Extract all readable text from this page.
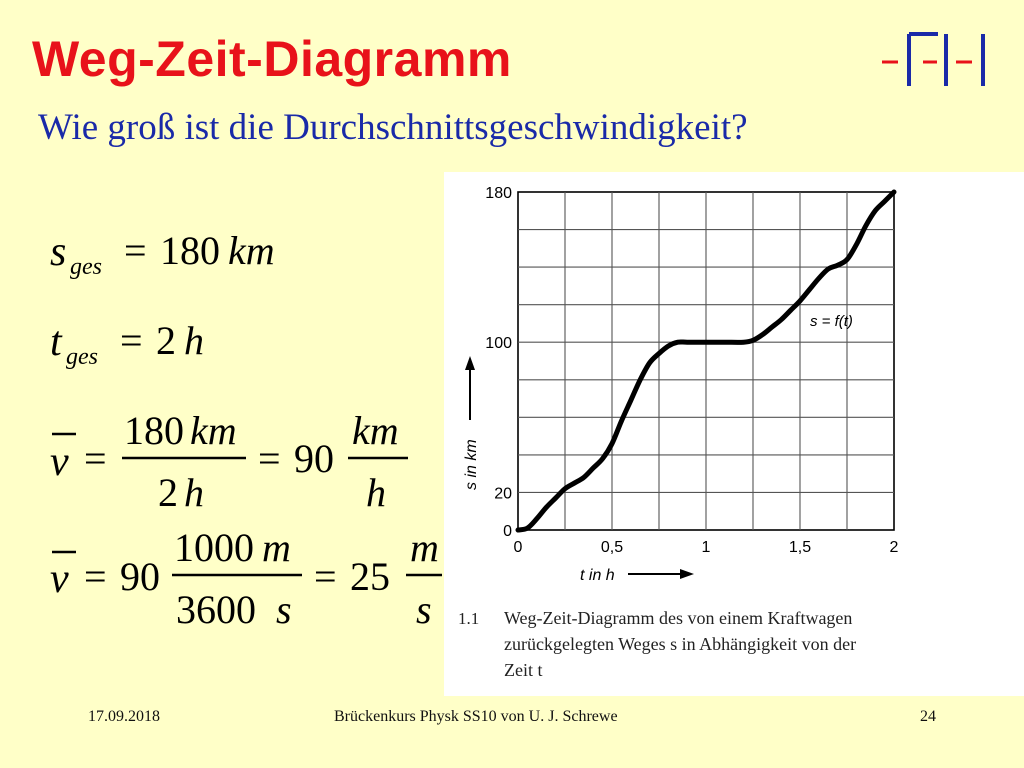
Weg-Zeit-Diagramm
Wie groß ist die Durchschnittsgeschwindigkeit?
s ges = 180 km
t ges = 2 h
v =
180 km
2 h
= 90
km
h
v = 90
1000 m
3600 s
= 25
m
s
0
20
100
180
0	0,5	1	1,5	2
s = f(t)
s in km
t in h
1.1 Weg-Zeit-Diagramm des von einem Kraftwagen
zurückgelegten Weges s in Abhängigkeit von der
Zeit t
17.09.2018	Brückenkurs Physk SS10 von U. J. Schrewe	24
